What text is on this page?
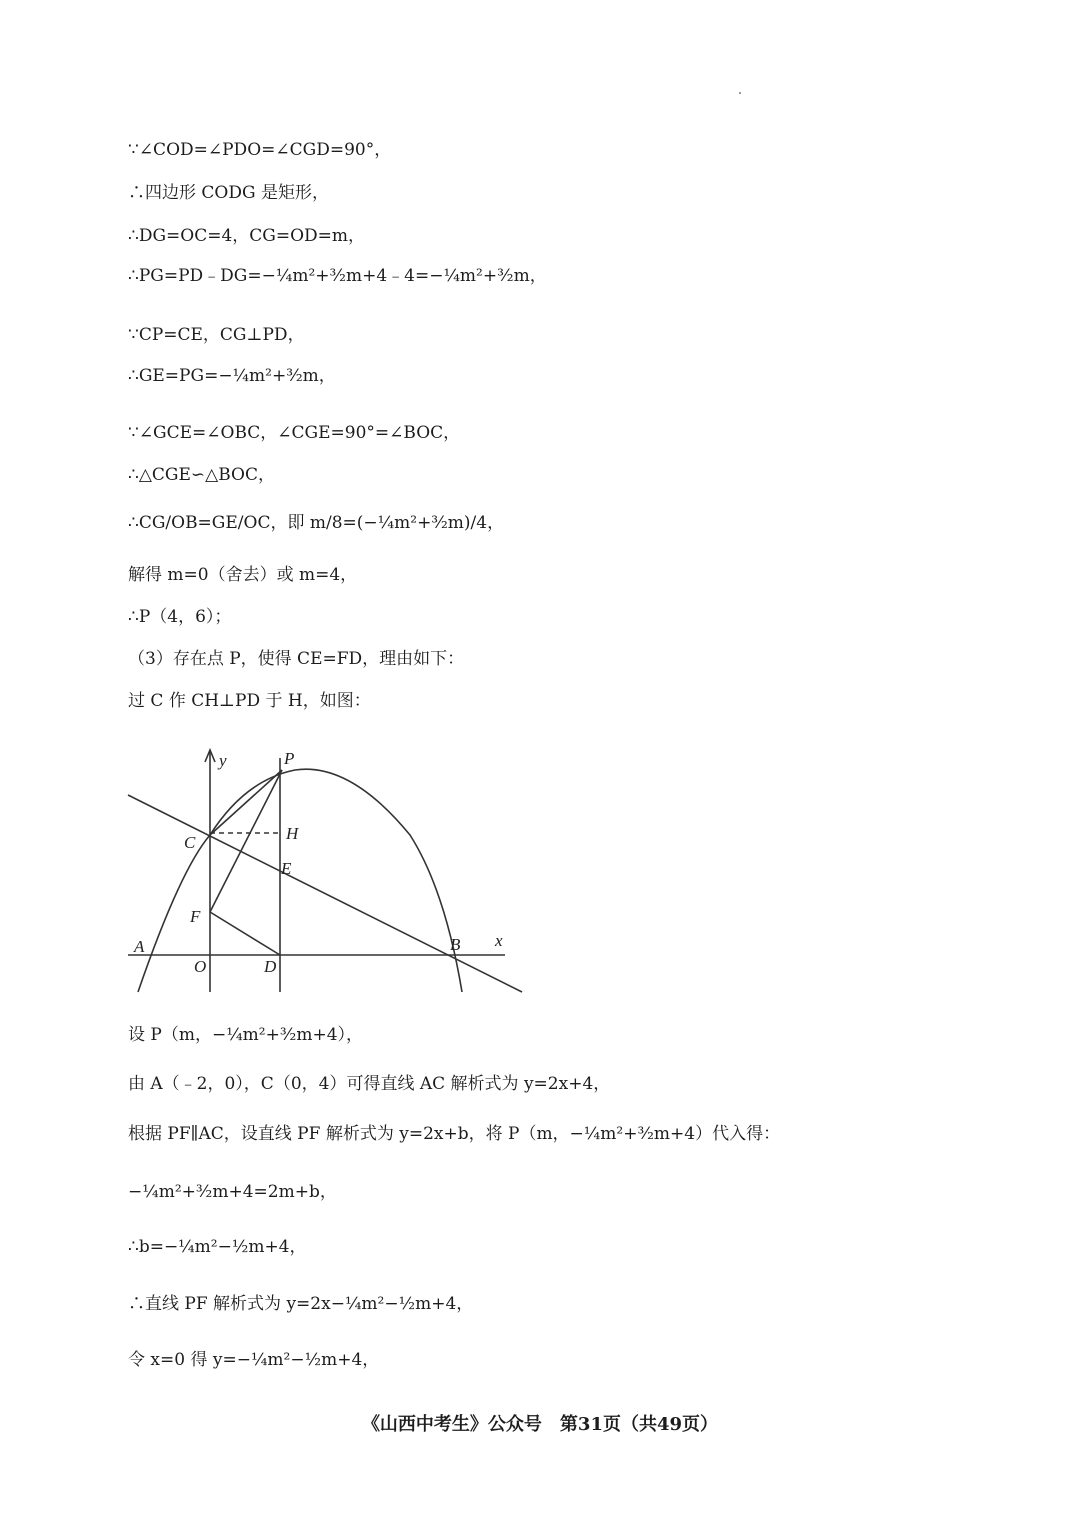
∵∠COD=∠PDO=∠CGD=90°，
∴四边形 CODG 是矩形，
∴DG=OC=4，CG=OD=m，
∴PG=PD﹣DG=−¼m²+³⁄₂m+4﹣4=−¼m²+³⁄₂m，
∵CP=CE，CG⊥PD，
∴GE=PG=−¼m²+³⁄₂m，
∵∠GCE=∠OBC，∠CGE=90°=∠BOC，
∴△CGE∽△BOC，
∴CG/OB=GE/OC，即 m/8=(−¼m²+³⁄₂m)/4，
解得 m=0（舍去）或 m=4，
∴P（4，6）；
（3）存在点 P，使得 CE=FD，理由如下：
过 C 作 CH⊥PD 于 H，如图：
y
x
P
H
C
E
F
A
O	D
B
设 P（m，−¼m²+³⁄₂m+4），
由 A（﹣2，0），C（0，4）可得直线 AC 解析式为 y=2x+4，
根据 PF∥AC，设直线 PF 解析式为 y=2x+b，将 P（m，−¼m²+³⁄₂m+4）代入得：
−¼m²+³⁄₂m+4=2m+b，
∴b=−¼m²−½m+4，
∴直线 PF 解析式为 y=2x−¼m²−½m+4，
令 x=0 得 y=−¼m²−½m+4，
《山西中考生》公众号　第31页（共49页）
